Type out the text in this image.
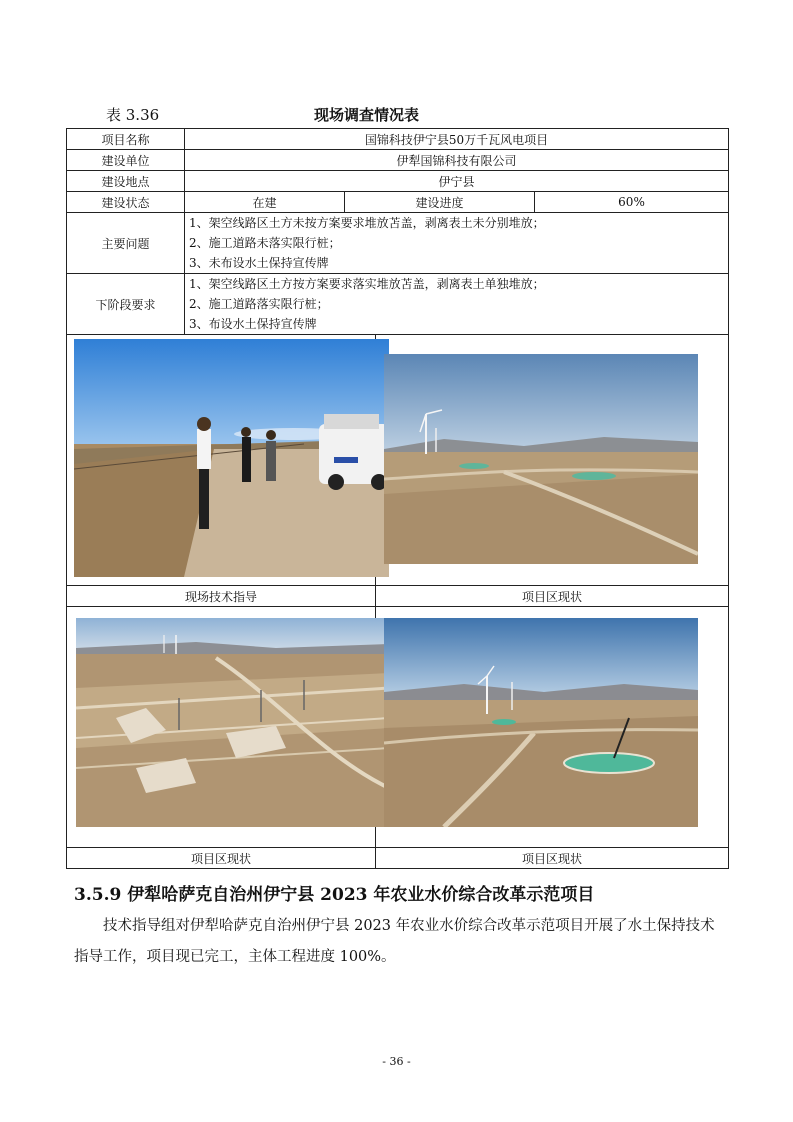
表 3.36	现场调查情况表
项目名称	国锦科技伊宁县50万千瓦风电项目			
建设单位	伊犁国锦科技有限公司			
建设地点	伊宁县			
建设状态	在建	建设进度		60%
主要问题	1、架空线路区土方未按方案要求堆放苫盖，剥离表土未分别堆放；
2、施工道路未落实限行桩；
3、未布设水土保持宣传牌			

下阶段要求	1、架空线路区土方按方案要求落实堆放苫盖，剥离表土单独堆放；
2、施工道路落实限行桩；
3、布设水土保持宣传牌			

现场技术指导			项目区现状	

项目区现状			项目区现状	
3.5.9 伊犁哈萨克自治州伊宁县 2023 年农业水价综合改革示范项目
技术指导组对伊犁哈萨克自治州伊宁县 2023 年农业水价综合改革示范项目开展了水土保持技术指导工作，项目现已完工，主体工程进度 100%。
- 36 -
